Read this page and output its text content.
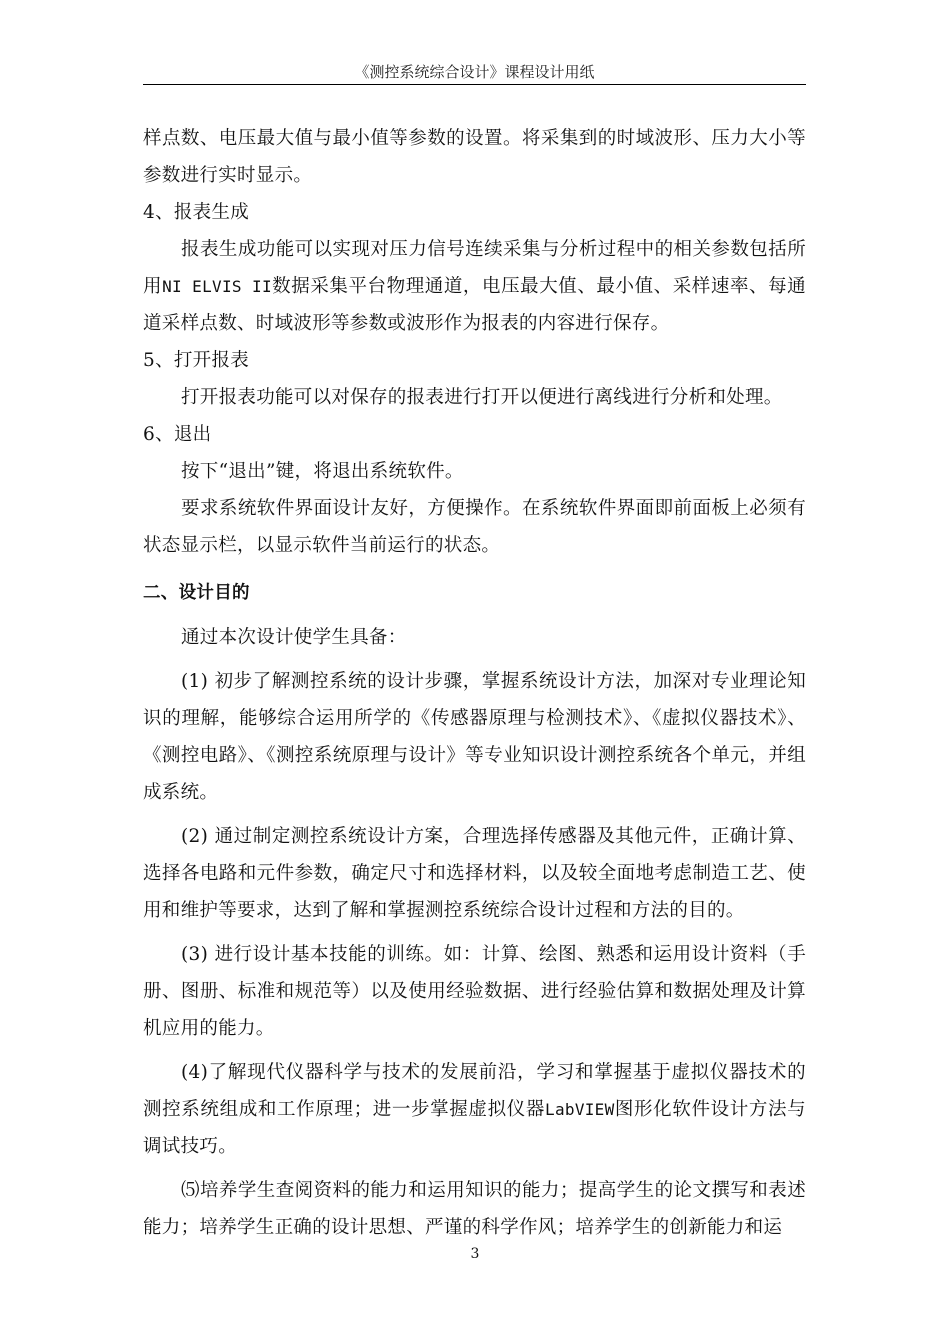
《测控系统综合设计》课程设计用纸

样点数、电压最大值与最小值等参数的设置。将采集到的时域波形、压力大小等参数进行实时显示。

4、报表生成

报表生成功能可以实现对压力信号连续采集与分析过程中的相关参数包括所用NI ELVIS II数据采集平台物理通道，电压最大值、最小值、采样速率、每通道采样点数、时域波形等参数或波形作为报表的内容进行保存。

5、打开报表

打开报表功能可以对保存的报表进行打开以便进行离线进行分析和处理。

6、退出

按下“退出”键，将退出系统软件。

要求系统软件界面设计友好，方便操作。在系统软件界面即前面板上必须有状态显示栏，以显示软件当前运行的状态。

二、设计目的

通过本次设计使学生具备：

(1) 初步了解测控系统的设计步骤，掌握系统设计方法，加深对专业理论知识的理解，能够综合运用所学的《传感器原理与检测技术》、《虚拟仪器技术》、《测控电路》、《测控系统原理与设计》等专业知识设计测控系统各个单元，并组成系统。

(2) 通过制定测控系统设计方案，合理选择传感器及其他元件，正确计算、选择各电路和元件参数，确定尺寸和选择材料，以及较全面地考虑制造工艺、使用和维护等要求，达到了解和掌握测控系统综合设计过程和方法的目的。

(3) 进行设计基本技能的训练。如：计算、绘图、熟悉和运用设计资料（手册、图册、标准和规范等）以及使用经验数据、进行经验估算和数据处理及计算机应用的能力。

(4)了解现代仪器科学与技术的发展前沿，学习和掌握基于虚拟仪器技术的测控系统组成和工作原理；进一步掌握虚拟仪器LabVIEW图形化软件设计方法与调试技巧。

⑸培养学生查阅资料的能力和运用知识的能力；提高学生的论文撰写和表述能力；培养学生正确的设计思想、严谨的科学作风；培养学生的创新能力和运

3
